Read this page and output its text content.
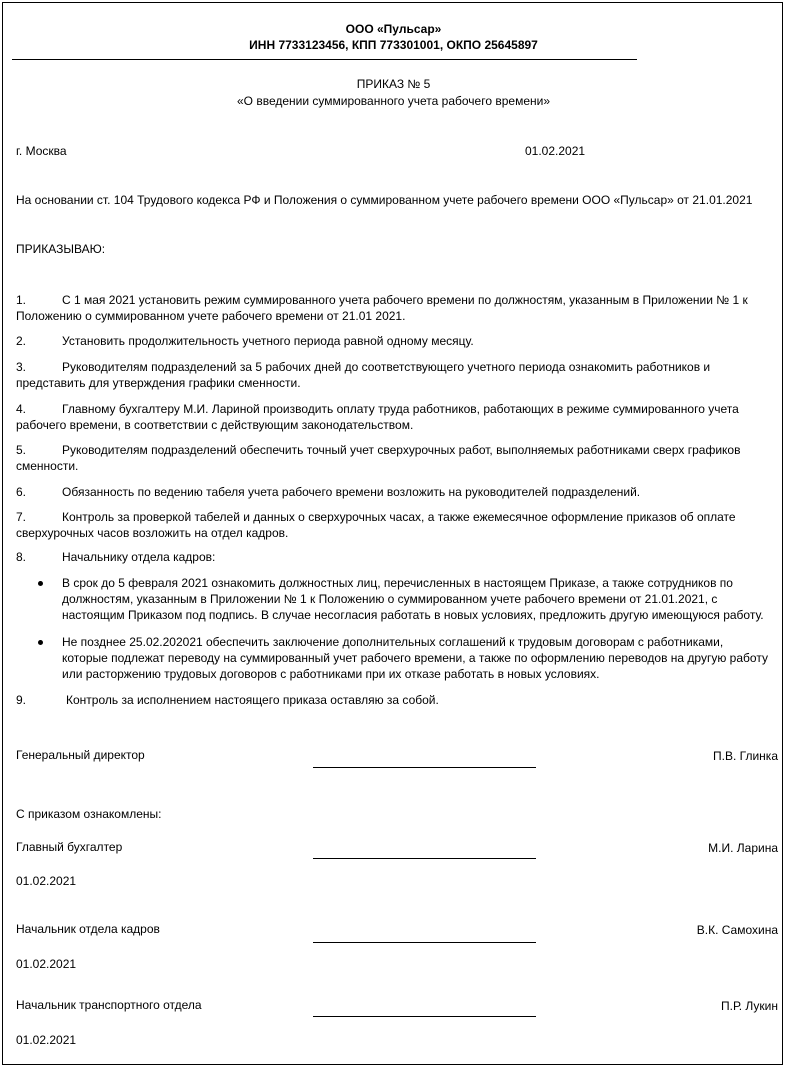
ООО «Пульсар»
ИНН 7733123456, КПП 773301001, ОКПО 25645897
ПРИКАЗ № 5
«О введении суммированного учета рабочего времени»
г. Москва	01.02.2021
На основании ст. 104 Трудового кодекса РФ и Положения о суммированном учете рабочего времени ООО «Пульсар» от 21.01.2021
ПРИКАЗЫВАЮ:
1.	С 1 мая 2021 установить режим суммированного учета рабочего времени по должностям, указанным в Приложении № 1 к Положению о суммированном учете рабочего времени от 21.01 2021.
2.	Установить продолжительность учетного периода равной одному месяцу.
3.	Руководителям подразделений за 5 рабочих дней до соответствующего учетного периода ознакомить работников и представить для утверждения графики сменности.
4.	Главному бухгалтеру М.И. Лариной производить оплату труда работников, работающих в режиме суммированного учета рабочего времени, в соответствии с действующим законодательством.
5.	Руководителям подразделений обеспечить точный учет сверхурочных работ, выполняемых работниками сверх графиков сменности.
6.	Обязанность по ведению табеля учета рабочего времени возложить на руководителей подразделений.
7.	Контроль за проверкой табелей и данных о сверхурочных часах, а также ежемесячное оформление приказов об оплате сверхурочных часов возложить на отдел кадров.
8.	Начальнику отдела кадров:
В срок до 5 февраля 2021 ознакомить должностных лиц, перечисленных в настоящем Приказе, а также сотрудников по должностям, указанным в Приложении № 1 к Положению о суммированном учете рабочего времени от 21.01.2021, с настоящим Приказом под подпись. В случае несогласия работать в новых условиях, предложить другую имеющуюся работу.
Не позднее 25.02.202021 обеспечить заключение дополнительных соглашений к трудовым договорам с работниками, которые подлежат переводу на суммированный учет рабочего времени, а также по оформлению переводов на другую работу или расторжению трудовых договоров с работниками при их отказе работать в новых условиях.
9.	Контроль за исполнением настоящего приказа оставляю за собой.
Генеральный директор	П.В. Глинка
С приказом ознакомлены:
Главный бухгалтер	М.И. Ларина
01.02.2021
Начальник отдела кадров	В.К. Самохина
01.02.2021
Начальник транспортного отдела	П.Р. Лукин
01.02.2021
